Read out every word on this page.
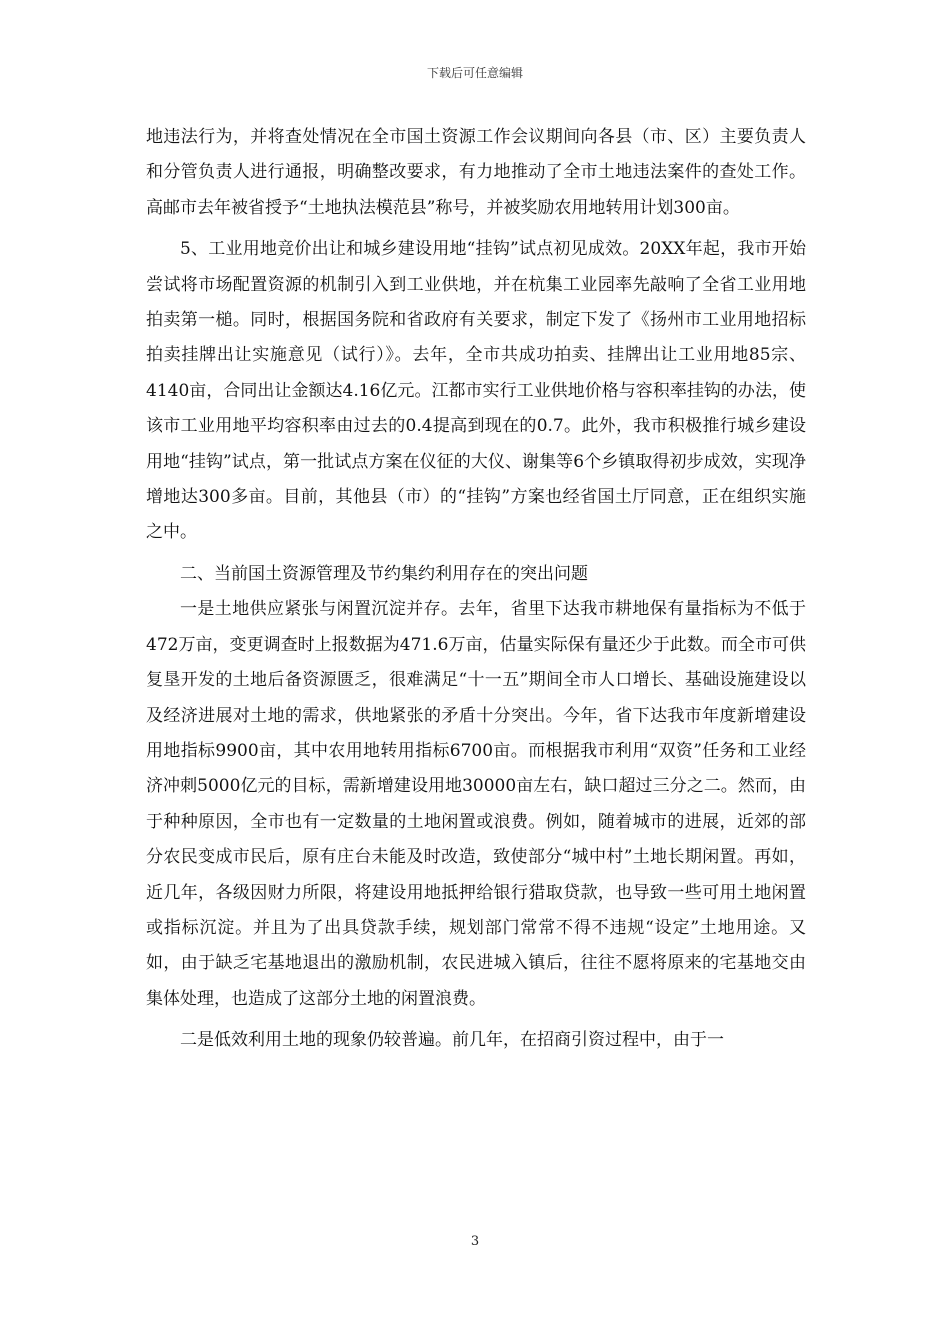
下载后可任意编辑

地违法行为，并将查处情况在全市国土资源工作会议期间向各县（市、区）主要负责人和分管负责人进行通报，明确整改要求，有力地推动了全市土地违法案件的查处工作。高邮市去年被省授予“土地执法模范县”称号，并被奖励农用地转用计划300亩。

5、工业用地竞价出让和城乡建设用地“挂钩”试点初见成效。20XX年起，我市开始尝试将市场配置资源的机制引入到工业供地，并在杭集工业园率先敲响了全省工业用地拍卖第一槌。同时，根据国务院和省政府有关要求，制定下发了《扬州市工业用地招标拍卖挂牌出让实施意见（试行）》。去年，全市共成功拍卖、挂牌出让工业用地85宗、4140亩，合同出让金额达4.16亿元。江都市实行工业供地价格与容积率挂钩的办法，使该市工业用地平均容积率由过去的0.4提高到现在的0.7。此外，我市积极推行城乡建设用地“挂钩”试点，第一批试点方案在仪征的大仪、谢集等6个乡镇取得初步成效，实现净增地达300多亩。目前，其他县（市）的“挂钩”方案也经省国土厅同意，正在组织实施之中。

二、当前国土资源管理及节约集约利用存在的突出问题

一是土地供应紧张与闲置沉淀并存。去年，省里下达我市耕地保有量指标为不低于472万亩，变更调查时上报数据为471.6万亩，估量实际保有量还少于此数。而全市可供复垦开发的土地后备资源匮乏，很难满足“十一五”期间全市人口增长、基础设施建设以及经济进展对土地的需求，供地紧张的矛盾十分突出。今年，省下达我市年度新增建设用地指标9900亩，其中农用地转用指标6700亩。而根据我市利用“双资”任务和工业经济冲刺5000亿元的目标，需新增建设用地30000亩左右，缺口超过三分之二。然而，由于种种原因，全市也有一定数量的土地闲置或浪费。例如，随着城市的进展，近郊的部分农民变成市民后，原有庄台未能及时改造，致使部分“城中村”土地长期闲置。再如，近几年，各级因财力所限，将建设用地抵押给银行猎取贷款，也导致一些可用土地闲置或指标沉淀。并且为了出具贷款手续，规划部门常常不得不违规“设定”土地用途。又如，由于缺乏宅基地退出的激励机制，农民进城入镇后，往往不愿将原来的宅基地交由集体处理，也造成了这部分土地的闲置浪费。

二是低效利用土地的现象仍较普遍。前几年，在招商引资过程中，由于一

3
